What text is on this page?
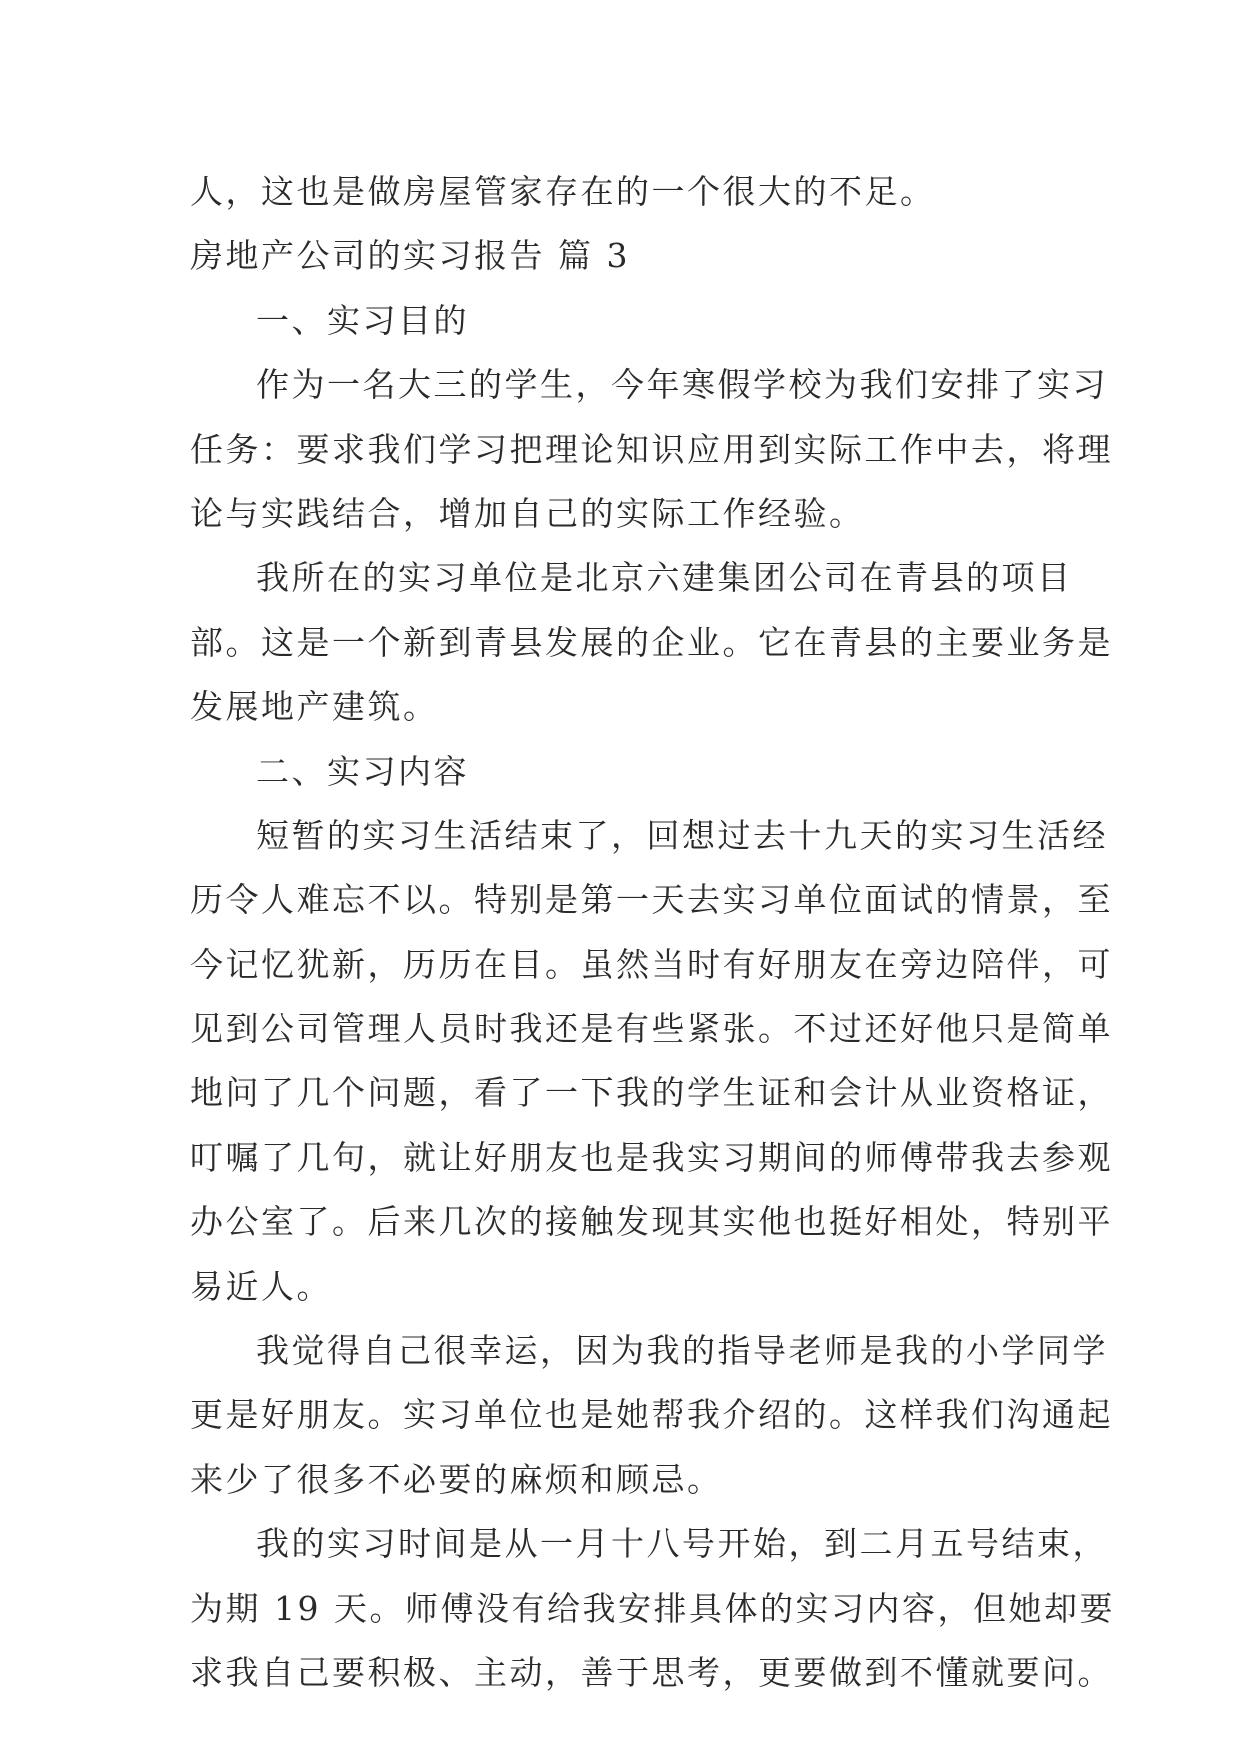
人，这也是做房屋管家存在的一个很大的不足。
房地产公司的实习报告 篇 3
一、实习目的
作为一名大三的学生，今年寒假学校为我们安排了实习
任务：要求我们学习把理论知识应用到实际工作中去，将理
论与实践结合，增加自己的实际工作经验。
我所在的实习单位是北京六建集团公司在青县的项目
部。这是一个新到青县发展的企业。它在青县的主要业务是
发展地产建筑。
二、实习内容
短暂的实习生活结束了，回想过去十九天的实习生活经
历令人难忘不以。特别是第一天去实习单位面试的情景，至
今记忆犹新，历历在目。虽然当时有好朋友在旁边陪伴，可
见到公司管理人员时我还是有些紧张。不过还好他只是简单
地问了几个问题，看了一下我的学生证和会计从业资格证，
叮嘱了几句，就让好朋友也是我实习期间的师傅带我去参观
办公室了。后来几次的接触发现其实他也挺好相处，特别平
易近人。
我觉得自己很幸运，因为我的指导老师是我的小学同学
更是好朋友。实习单位也是她帮我介绍的。这样我们沟通起
来少了很多不必要的麻烦和顾忌。
我的实习时间是从一月十八号开始，到二月五号结束，
为期 19 天。师傅没有给我安排具体的实习内容，但她却要
求我自己要积极、主动，善于思考，更要做到不懂就要问。
